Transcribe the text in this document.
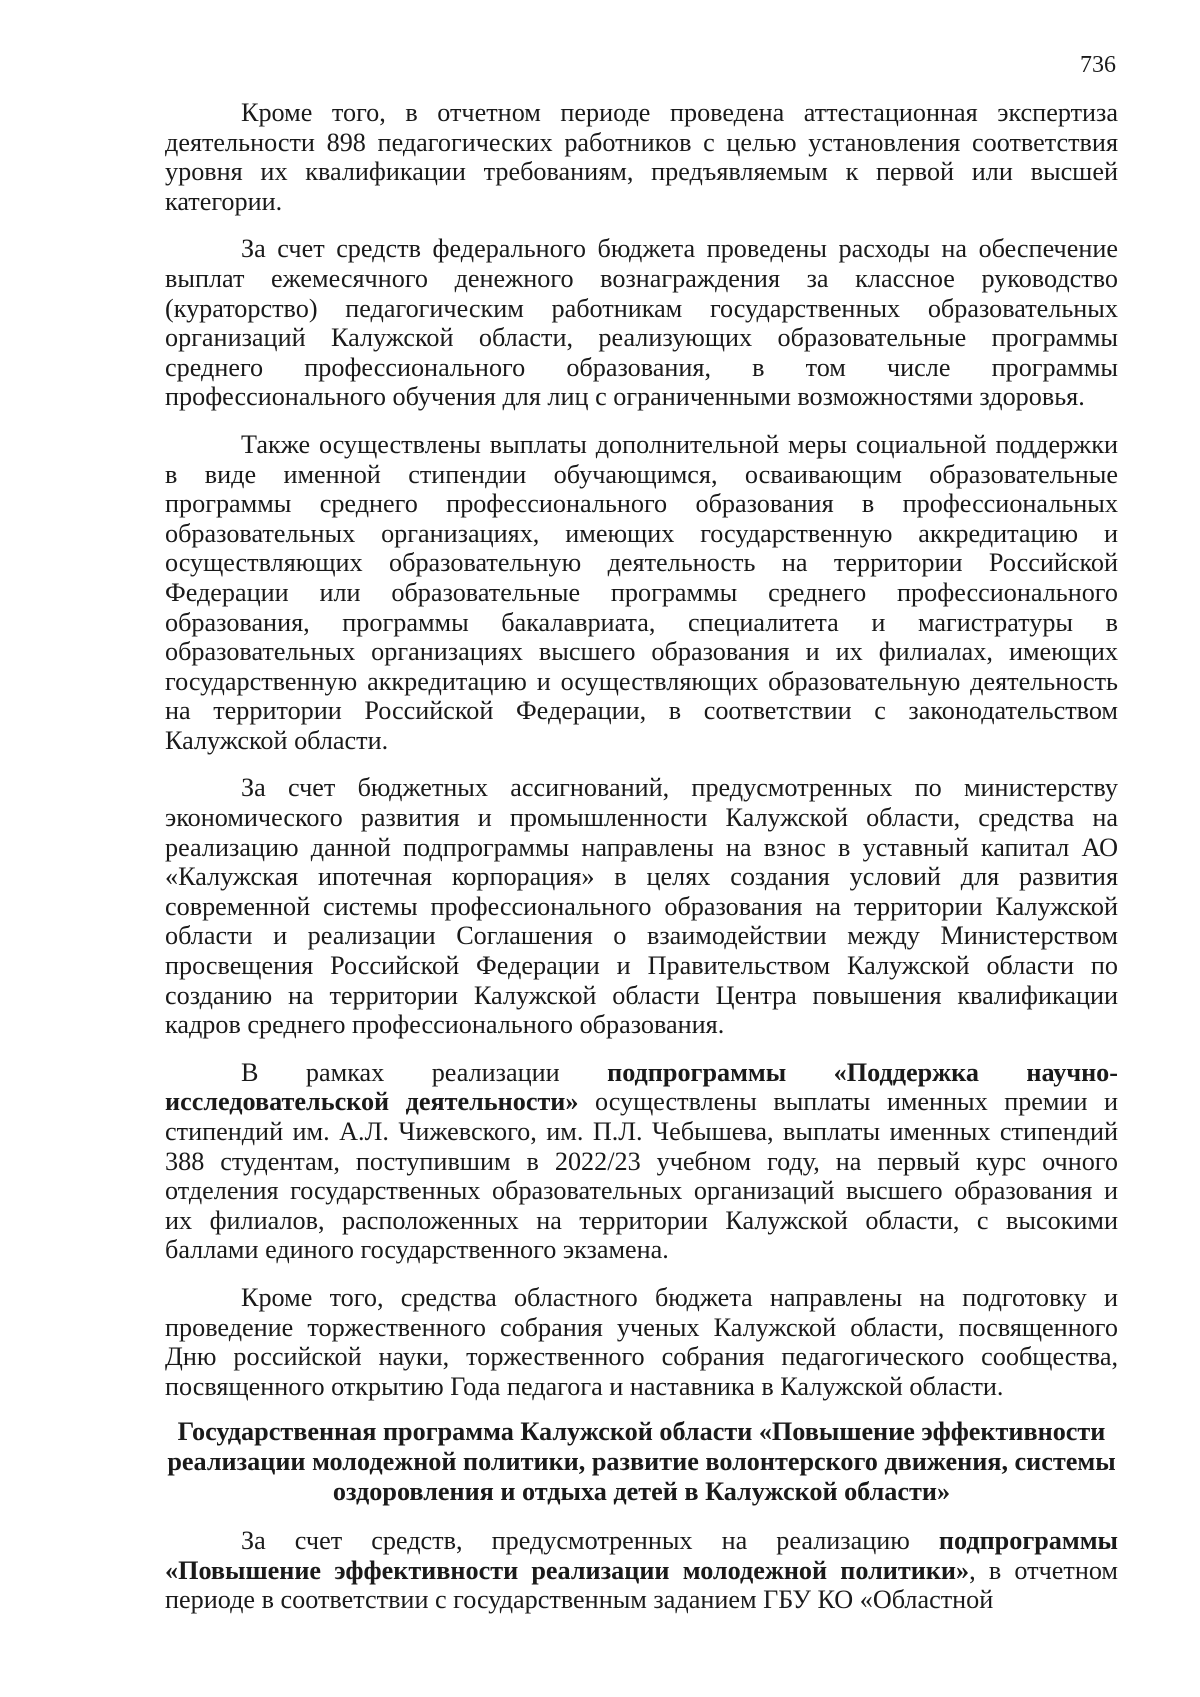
736

Кроме того, в отчетном периоде проведена аттестационная экспертиза деятельности 898 педагогических работников с целью установления соответствия уровня их квалификации требованиям, предъявляемым к первой или высшей категории.

За счет средств федерального бюджета проведены расходы на обеспечение выплат ежемесячного денежного вознаграждения за классное руководство (кураторство) педагогическим работникам государственных образовательных организаций Калужской области, реализующих образовательные программы среднего профессионального образования, в том числе программы профессионального обучения для лиц с ограниченными возможностями здоровья.

Также осуществлены выплаты дополнительной меры социальной поддержки в виде именной стипендии обучающимся, осваивающим образовательные программы среднего профессионального образования в профессиональных образовательных организациях, имеющих государственную аккредитацию и осуществляющих образовательную деятельность на территории Российской Федерации или образовательные программы среднего профессионального образования, программы бакалавриата, специалитета и магистратуры в образовательных организациях высшего образования и их филиалах, имеющих государственную аккредитацию и осуществляющих образовательную деятельность на территории Российской Федерации, в соответствии с законодательством Калужской области.

За счет бюджетных ассигнований, предусмотренных по министерству экономического развития и промышленности Калужской области, средства на реализацию данной подпрограммы направлены на взнос в уставный капитал АО «Калужская ипотечная корпорация» в целях создания условий для развития современной системы профессионального образования на территории Калужской области и реализации Соглашения о взаимодействии между Министерством просвещения Российской Федерации и Правительством Калужской области по созданию на территории Калужской области Центра повышения квалификации кадров среднего профессионального образования.

В рамках реализации подпрограммы «Поддержка научно-исследовательской деятельности» осуществлены выплаты именных премии и стипендий им. А.Л. Чижевского, им. П.Л. Чебышева, выплаты именных стипендий 388 студентам, поступившим в 2022/23 учебном году, на первый курс очного отделения государственных образовательных организаций высшего образования и их филиалов, расположенных на территории Калужской области, с высокими баллами единого государственного экзамена.

Кроме того, средства областного бюджета направлены на подготовку и проведение торжественного собрания ученых Калужской области, посвященного Дню российской науки, торжественного собрания педагогического сообщества, посвященного открытию Года педагога и наставника в Калужской области.

Государственная программа Калужской области «Повышение эффективности реализации молодежной политики, развитие волонтерского движения, системы оздоровления и отдыха детей в Калужской области»

За счет средств, предусмотренных на реализацию подпрограммы «Повышение эффективности реализации молодежной политики», в отчетном периоде в соответствии с государственным заданием ГБУ КО «Областной
